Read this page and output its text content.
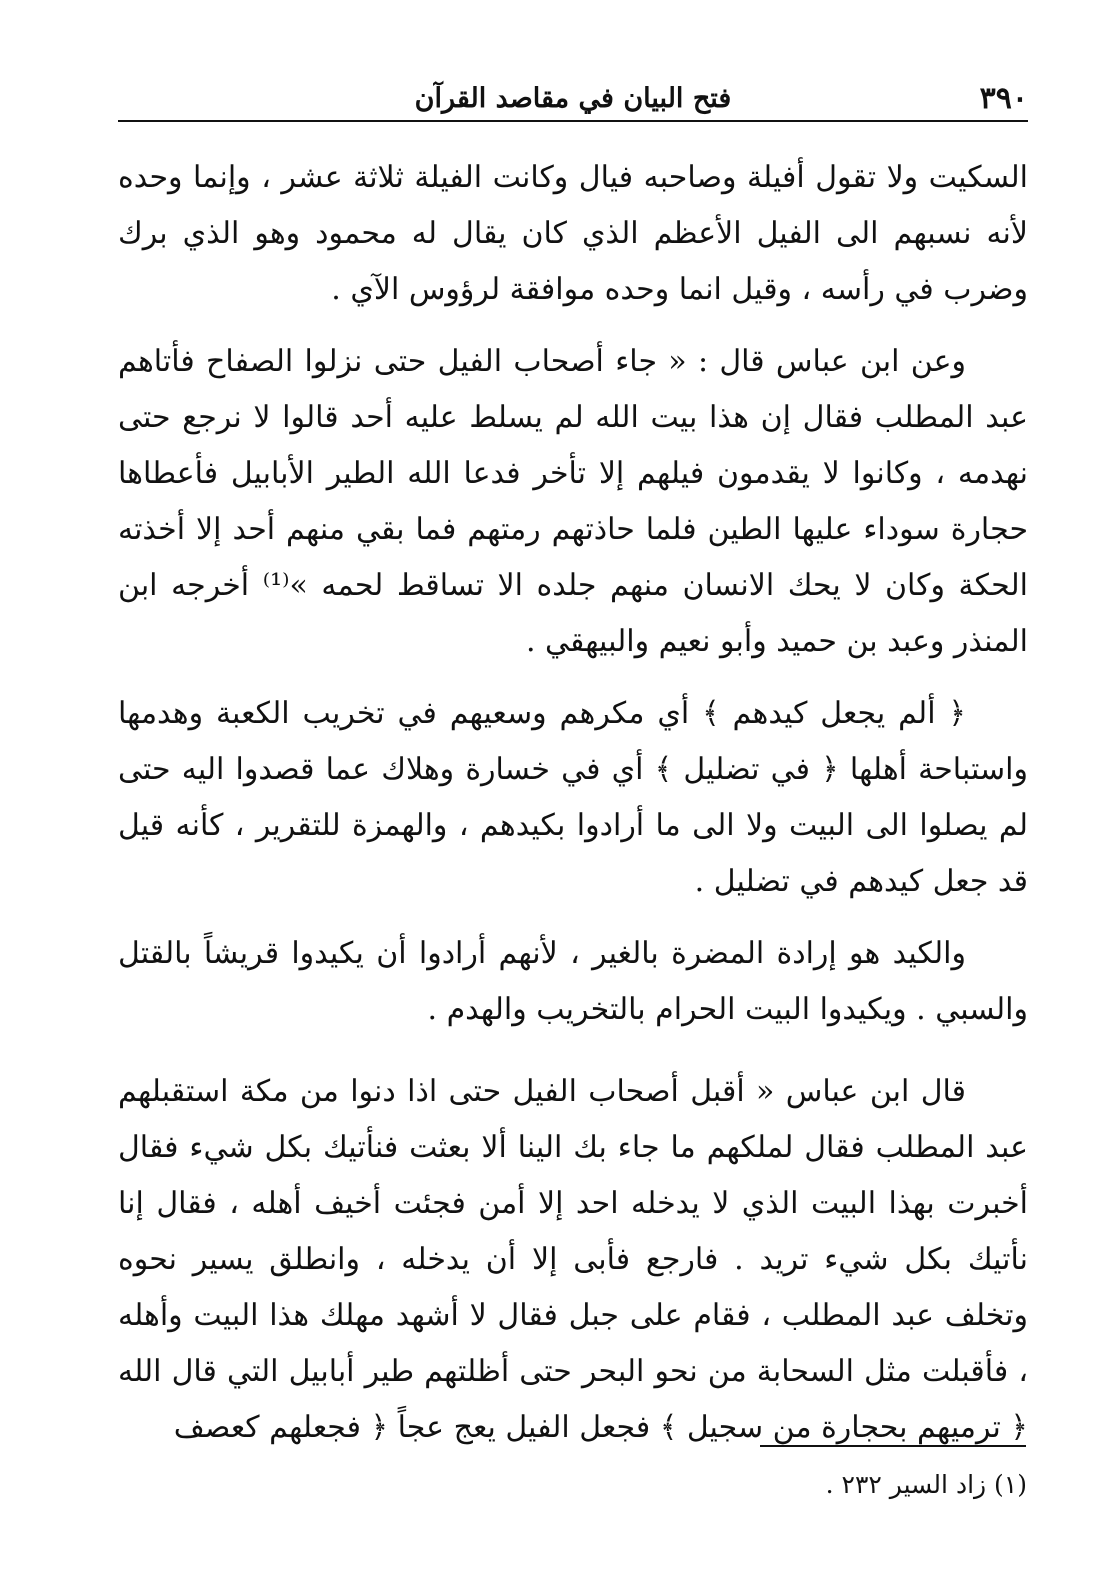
٣٩٠
فتح البيان في مقاصد القرآن

السكيت ولا تقول أفيلة وصاحبه فيال وكانت الفيلة ثلاثة عشر ، وإنما وحده لأنه نسبهم الى الفيل الأعظم الذي كان يقال له محمود وهو الذي برك وضرب في رأسه ، وقيل انما وحده موافقة لرؤوس الآي .

وعن ابن عباس قال : « جاء أصحاب الفيل حتى نزلوا الصفاح فأتاهم عبد المطلب فقال إن هذا بيت الله لم يسلط عليه أحد قالوا لا نرجع حتى نهدمه ، وكانوا لا يقدمون فيلهم إلا تأخر فدعا الله الطير الأبابيل فأعطاها حجارة سوداء عليها الطين فلما حاذتهم رمتهم فما بقي منهم أحد إلا أخذته الحكة وكان لا يحك الانسان منهم جلده الا تساقط لحمه »⁽¹⁾ أخرجه ابن المنذر وعبد بن حميد وأبو نعيم والبيهقي .

﴿ ألم يجعل كيدهم ﴾ أي مكرهم وسعيهم في تخريب الكعبة وهدمها واستباحة أهلها ﴿ في تضليل ﴾ أي في خسارة وهلاك عما قصدوا اليه حتى لم يصلوا الى البيت ولا الى ما أرادوا بكيدهم ، والهمزة للتقرير ، كأنه قيل قد جعل كيدهم في تضليل .

والكيد هو إرادة المضرة بالغير ، لأنهم أرادوا أن يكيدوا قريشاً بالقتل والسبي . ويكيدوا البيت الحرام بالتخريب والهدم .

قال ابن عباس « أقبل أصحاب الفيل حتى اذا دنوا من مكة استقبلهم عبد المطلب فقال لملكهم ما جاء بك الينا ألا بعثت فنأتيك بكل شيء فقال أخبرت بهذا البيت الذي لا يدخله احد إلا أمن فجئت أخيف أهله ، فقال إنا نأتيك بكل شيء تريد . فارجع فأبى إلا أن يدخله ، وانطلق يسير نحوه وتخلف عبد المطلب ، فقام على جبل فقال لا أشهد مهلك هذا البيت وأهله ، فأقبلت مثل السحابة من نحو البحر حتى أظلتهم طير أبابيل التي قال الله ﴿ ترميهم بحجارة من سجيل ﴾ فجعل الفيل يعج عجاً ﴿ فجعلهم كعصف

(١) زاد السير ٢٣٢ .
